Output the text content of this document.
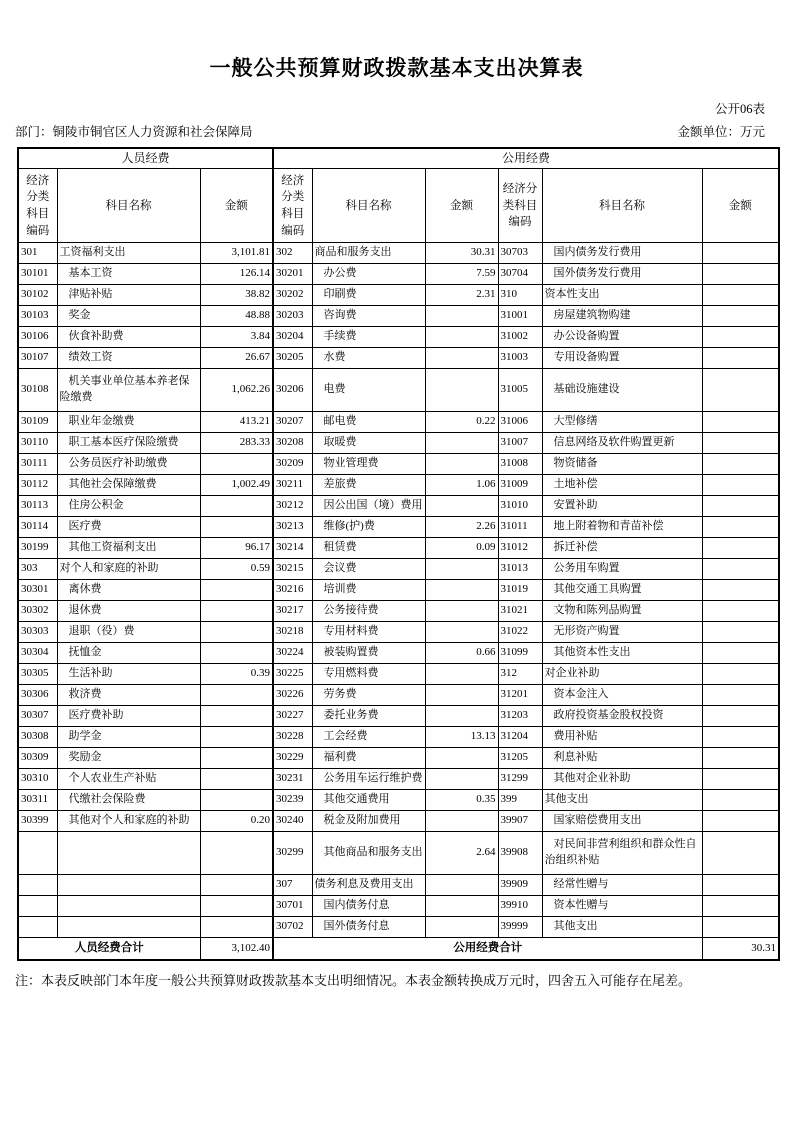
一般公共预算财政拨款基本支出决算表
公开06表
部门：铜陵市铜官区人力资源和社会保障局	金额单位：万元
人员经费			公用经费					
经济分类科目编码	科目名称	金额	经济分类科目编码	科目名称	金额	经济分类科目编码	科目名称	金额
301	工资福利支出	3,101.81	302	商品和服务支出	30.31	30703	国内债务发行费用	
30101	基本工资	126.14	30201	办公费	7.59	30704	国外债务发行费用	
30102	津贴补贴	38.82	30202	印刷费	2.31	310	资本性支出	
30103	奖金	48.88	30203	咨询费		31001	房屋建筑物购建	
30106	伙食补助费	3.84	30204	手续费		31002	办公设备购置	
30107	绩效工资	26.67	30205	水费		31003	专用设备购置	
30108	机关事业单位基本养老保险缴费	1,062.26	30206	电费		31005	基础设施建设	
30109	职业年金缴费	413.21	30207	邮电费	0.22	31006	大型修缮	
30110	职工基本医疗保险缴费	283.33	30208	取暖费		31007	信息网络及软件购置更新	
30111	公务员医疗补助缴费		30209	物业管理费		31008	物资储备	
30112	其他社会保障缴费	1,002.49	30211	差旅费	1.06	31009	土地补偿	
30113	住房公积金		30212	因公出国（境）费用		31010	安置补助	
30114	医疗费		30213	维修(护)费	2.26	31011	地上附着物和青苗补偿	
30199	其他工资福利支出	96.17	30214	租赁费	0.09	31012	拆迁补偿	
303	对个人和家庭的补助	0.59	30215	会议费		31013	公务用车购置	
30301	离休费		30216	培训费		31019	其他交通工具购置	
30302	退休费		30217	公务接待费		31021	文物和陈列品购置	
30303	退职（役）费		30218	专用材料费		31022	无形资产购置	
30304	抚恤金		30224	被装购置费	0.66	31099	其他资本性支出	
30305	生活补助	0.39	30225	专用燃料费		312	对企业补助	
30306	救济费		30226	劳务费		31201	资本金注入	
30307	医疗费补助		30227	委托业务费		31203	政府投资基金股权投资	
30308	助学金		30228	工会经费	13.13	31204	费用补贴	
30309	奖励金		30229	福利费		31205	利息补贴	
30310	个人农业生产补贴		30231	公务用车运行维护费		31299	其他对企业补助	
30311	代缴社会保险费		30239	其他交通费用	0.35	399	其他支出	
30399	其他对个人和家庭的补助	0.20	30240	税金及附加费用		39907	国家赔偿费用支出	
			30299	其他商品和服务支出	2.64	39908	对民间非营利组织和群众性自治组织补贴	
			307	债务利息及费用支出		39909	经常性赠与	
			30701	国内债务付息		39910	资本性赠与	
			30702	国外债务付息		39999	其他支出	
人员经费合计		3,102.40	公用经费合计					30.31
注：本表反映部门本年度一般公共预算财政拨款基本支出明细情况。本表金额转换成万元时，四舍五入可能存在尾差。
